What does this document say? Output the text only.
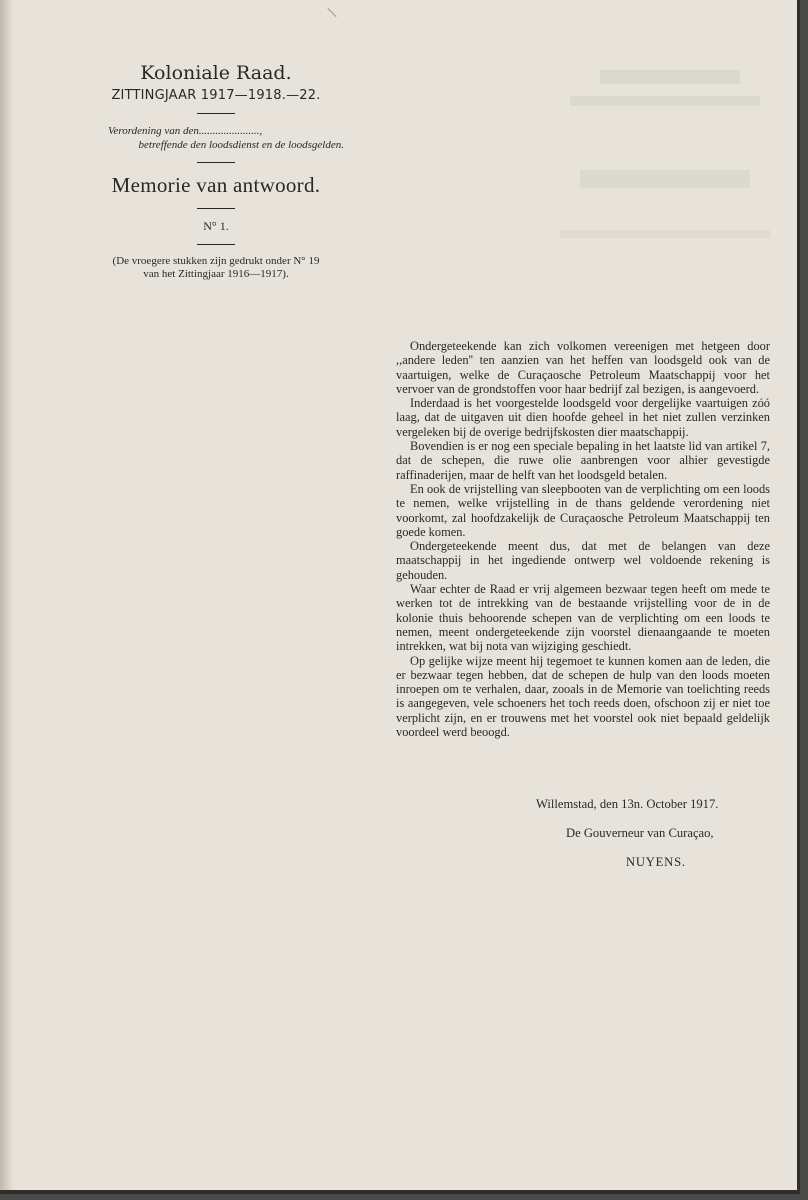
Koloniale Raad.
ZITTINGJAAR 1917—1918.—22.
Verordening van den......................,
betreffende den loodsdienst en de loodsgelden.
Memorie van antwoord.
N° 1.
(De vroegere stukken zijn gedrukt onder N° 19
van het Zittingjaar 1916—1917).

Ondergeteekende kan zich volkomen vereenigen met hetgeen door ,,andere leden'' ten aanzien van het heffen van loodsgeld ook van de vaartuigen, welke de Curaçaosche Petroleum Maatschappij voor het vervoer van de grondstoffen voor haar bedrijf zal bezigen, is aangevoerd.

Inderdaad is het voorgestelde loodsgeld voor dergelijke vaartuigen zóó laag, dat de uitgaven uit dien hoofde geheel in het niet zullen verzinken vergeleken bij de overige bedrijfskosten dier maatschappij.

Bovendien is er nog een speciale bepaling in het laatste lid van artikel 7, dat de schepen, die ruwe olie aanbrengen voor alhier gevestigde raffinaderijen, maar de helft van het loodsgeld betalen.

En ook de vrijstelling van sleepbooten van de verplichting om een loods te nemen, welke vrijstelling in de thans geldende verordening niet voorkomt, zal hoofdzakelijk de Curaçaosche Petroleum Maatschappij ten goede komen.

Ondergeteekende meent dus, dat met de belangen van deze maatschappij in het ingediende ontwerp wel voldoende rekening is gehouden.

Waar echter de Raad er vrij algemeen bezwaar tegen heeft om mede te werken tot de intrekking van de bestaande vrijstelling voor de in de kolonie thuis behoorende schepen van de verplichting om een loods te nemen, meent ondergeteekende zijn voorstel dienaangaande te moeten intrekken, wat bij nota van wijziging geschiedt.

Op gelijke wijze meent hij tegemoet te kunnen komen aan de leden, die er bezwaar tegen hebben, dat de schepen de hulp van den loods moeten inroepen om te verhalen, daar, zooals in de Memorie van toelichting reeds is aangegeven, vele schoeners het toch reeds doen, ofschoon zij er niet toe verplicht zijn, en er trouwens met het voorstel ook niet bepaald geldelijk voordeel werd beoogd.

Willemstad, den 13n. October 1917.
De Gouverneur van Curaçao,
NUYENS.
